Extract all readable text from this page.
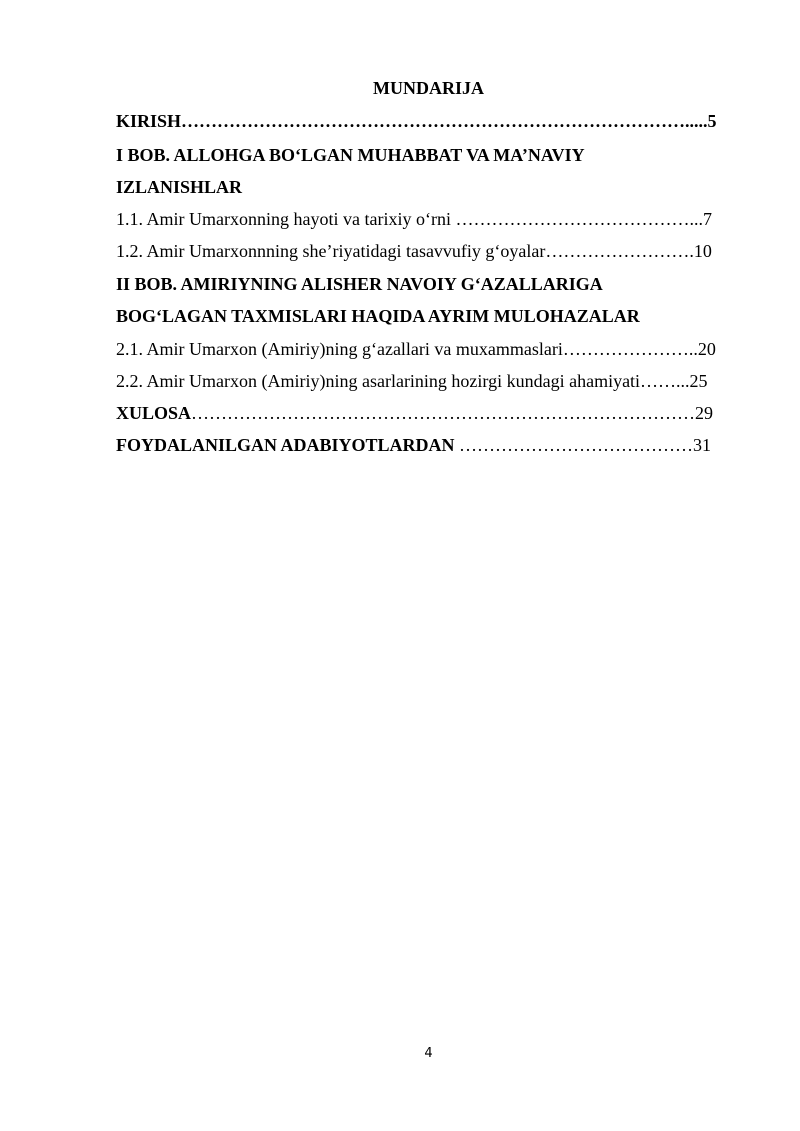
MUNDARIJA
KIRISH………………………………………………………………………….....5
I BOB. ALLOHGA BO‘LGAN MUHABBAT VA MA’NAVIY
IZLANISHLAR
1.1. Amir Umarxonning hayoti va tarixiy o‘rni …………………………………...7
1.2. Amir Umarxonnning she’riyatidagi tasavvufiy g‘oyalar…………………….10
II BOB. AMIRIYNING ALISHER NAVOIY G‘AZALLARIGA
BOG‘LAGAN TAXMISLARI HAQIDA AYRIM MULOHAZALAR
2.1. Amir Umarxon (Amiriy)ning g‘azallari va muxammaslari…………………..20
2.2. Amir Umarxon (Amiriy)ning asarlarining hozirgi kundagi ahamiyati……...25
XULOSA…………………………………………………………………………29
FOYDALANILGAN ADABIYOTLARDAN …………………………………31
4
